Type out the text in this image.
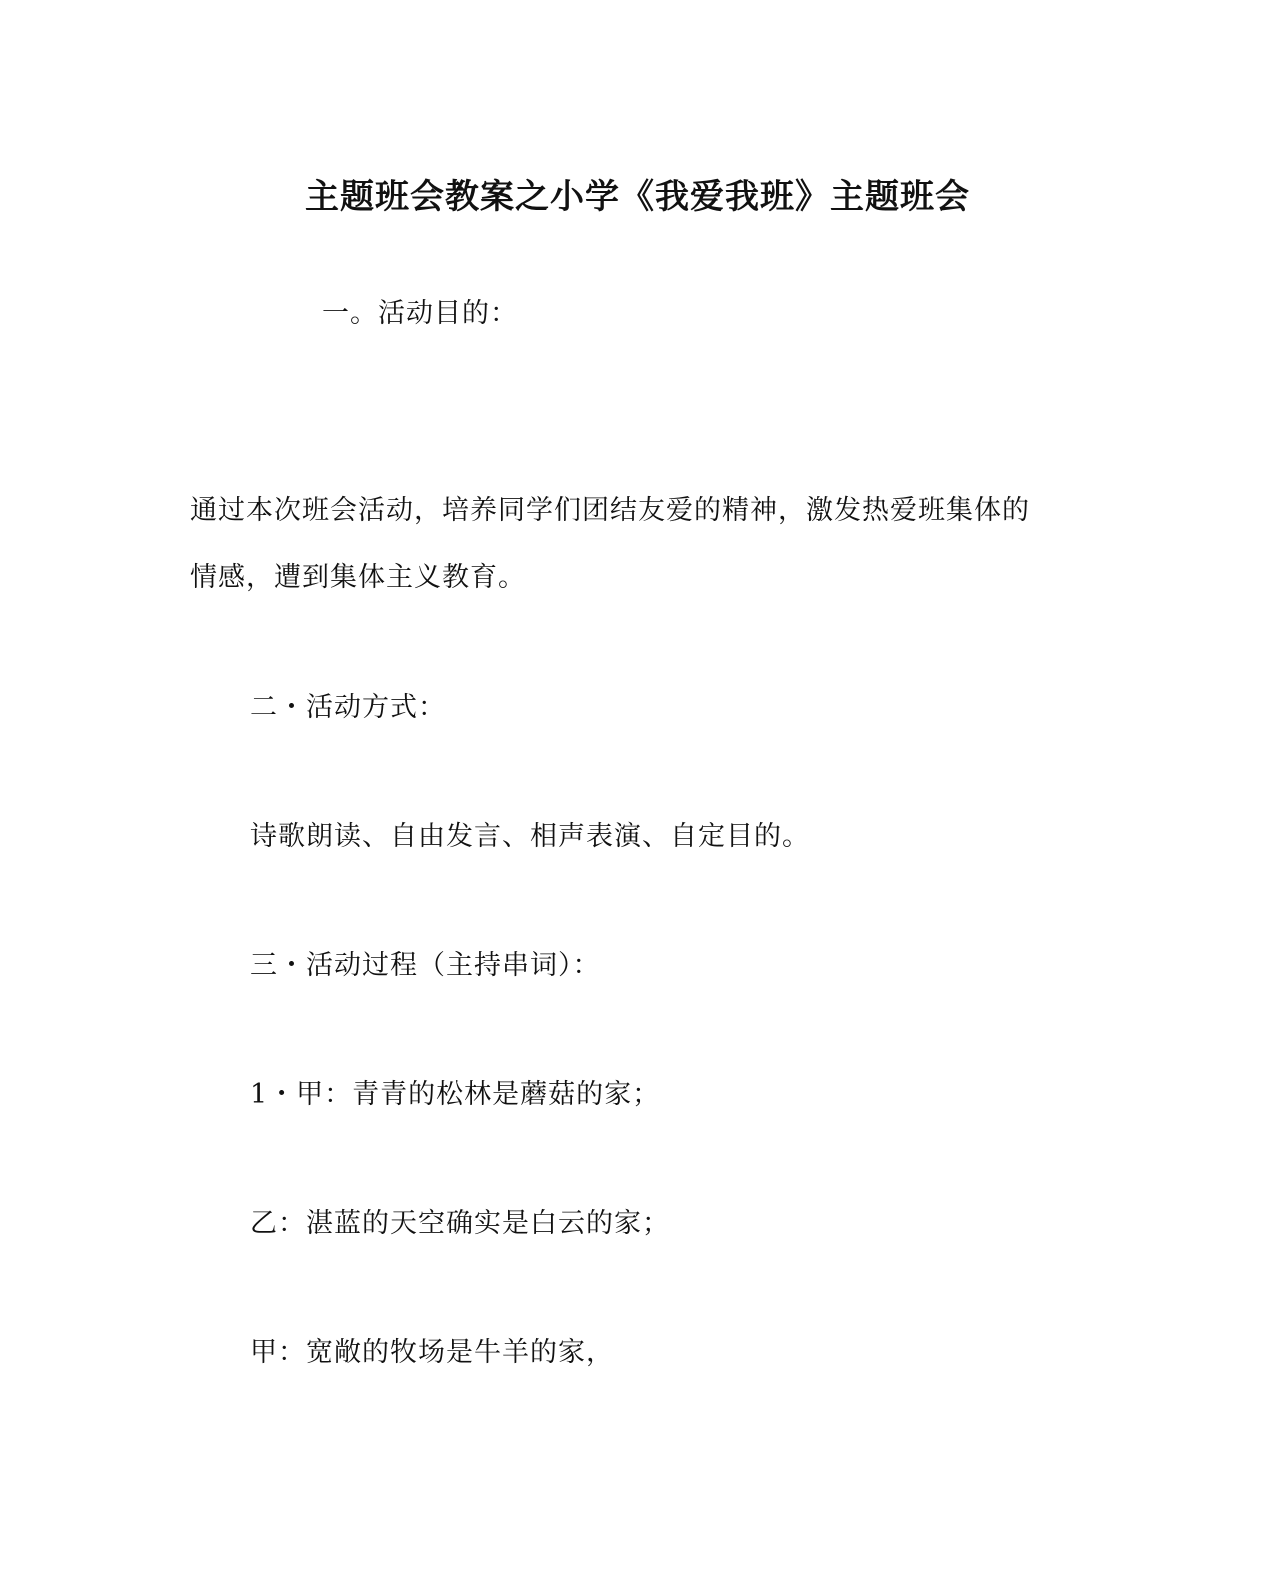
主题班会教案之小学《我爱我班》主题班会
一。活动目的：
通过本次班会活动，培养同学们团结友爱的精神，激发热爱班集体的
情感，遭到集体主义教育。
二・活动方式：
诗歌朗读、自由发言、相声表演、自定目的。
三・活动过程（主持串词）：
1・甲：青青的松林是蘑菇的家；
乙：湛蓝的天空确实是白云的家；
甲：宽敞的牧场是牛羊的家，
